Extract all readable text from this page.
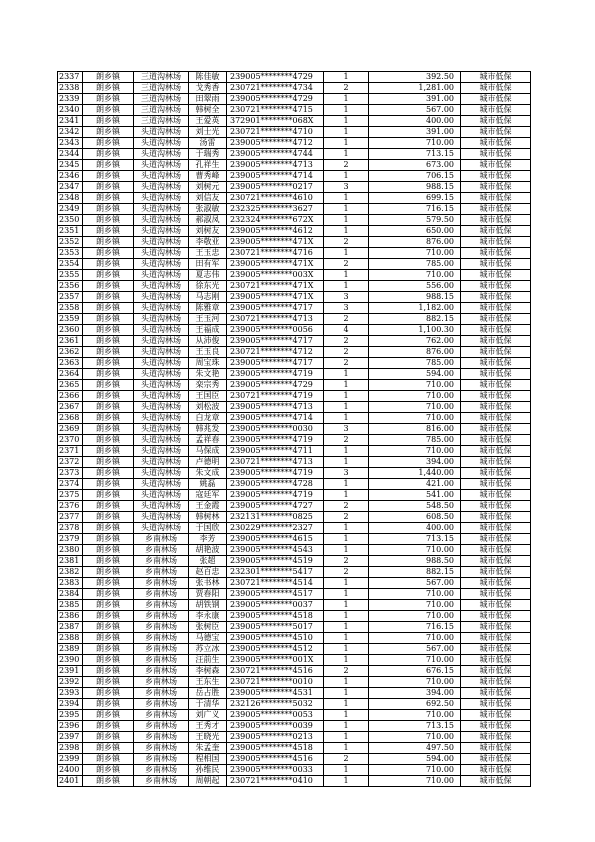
2337	朗乡镇	三道沟林场	陈佳敏	239005********4729	1	392.50	城市低保
2338	朗乡镇	三道沟林场	戈秀香	230721********4734	2	1,281.00	城市低保
2339	朗乡镇	三道沟林场	田翠雨	239005********4729	1	391.00	城市低保
2340	朗乡镇	三道沟林场	韩树全	230721********4715	1	567.00	城市低保
2341	朗乡镇	三道沟林场	王爱英	372901********068X	1	400.00	城市低保
2342	朗乡镇	头道沟林场	刘士光	230721********4710	1	391.00	城市低保
2343	朗乡镇	头道沟林场	汤雷	239005********4712	1	710.00	城市低保
2344	朗乡镇	头道沟林场	于瑞秀	239005********4744	1	713.15	城市低保
2345	朗乡镇	头道沟林场	孔祥生	239005********4713	2	673.00	城市低保
2346	朗乡镇	头道沟林场	曹秀峰	239005********4714	1	706.15	城市低保
2347	朗乡镇	头道沟林场	刘树元	239005********0217	3	988.15	城市低保
2348	朗乡镇	头道沟林场	刘信友	230721********4610	1	699.15	城市低保
2349	朗乡镇	头道沟林场	张淑敏	232325********3627	1	716.15	城市低保
2350	朗乡镇	头道沟林场	郝淑凤	232324********672X	1	579.50	城市低保
2351	朗乡镇	头道沟林场	刘树友	239005********4612	1	650.00	城市低保
2352	朗乡镇	头道沟林场	李敬亚	239005********471X	2	876.00	城市低保
2353	朗乡镇	头道沟林场	王玉忠	230721********4716	1	710.00	城市低保
2354	朗乡镇	头道沟林场	田有军	239005********471X	2	785.00	城市低保
2355	朗乡镇	头道沟林场	夏志伟	239005********003X	1	710.00	城市低保
2356	朗乡镇	头道沟林场	徐东光	230721********471X	1	556.00	城市低保
2357	朗乡镇	头道沟林场	马志刚	239005********471X	3	988.15	城市低保
2358	朗乡镇	头道沟林场	陈雅章	239005********4717	3	1,182.00	城市低保
2359	朗乡镇	头道沟林场	王玉河	230721********4713	2	882.15	城市低保
2360	朗乡镇	头道沟林场	王福成	239005********0056	4	1,100.30	城市低保
2361	朗乡镇	头道沟林场	从沛俊	239005********4717	2	762.00	城市低保
2362	朗乡镇	头道沟林场	王玉良	230721********4712	2	876.00	城市低保
2363	朗乡镇	头道沟林场	周宝珠	239005********4717	2	785.00	城市低保
2364	朗乡镇	头道沟林场	朱文艳	239005********4719	1	594.00	城市低保
2365	朗乡镇	头道沟林场	栾宗秀	239005********4729	1	710.00	城市低保
2366	朗乡镇	头道沟林场	王国臣	230721********4719	1	710.00	城市低保
2367	朗乡镇	头道沟林场	刘松波	239005********4713	1	710.00	城市低保
2368	朗乡镇	头道沟林场	白龙章	239005********4714	1	710.00	城市低保
2369	朗乡镇	头道沟林场	韩兆发	239005********0030	3	816.00	城市低保
2370	朗乡镇	头道沟林场	孟祥春	239005********4719	2	785.00	城市低保
2371	朗乡镇	头道沟林场	马保成	239005********4711	1	710.00	城市低保
2372	朗乡镇	头道沟林场	卢德明	230721********4713	1	394.00	城市低保
2373	朗乡镇	头道沟林场	朱文成	239005********4719	3	1,440.00	城市低保
2374	朗乡镇	头道沟林场	姚磊	239005********4728	1	421.00	城市低保
2375	朗乡镇	头道沟林场	寇廷军	239005********4719	1	541.00	城市低保
2376	朗乡镇	头道沟林场	王金霞	239005********4727	2	548.50	城市低保
2377	朗乡镇	头道沟林场	韩树林	232131********0825	2	608.50	城市低保
2378	朗乡镇	头道沟林场	于国欣	230229********2327	1	400.00	城市低保
2379	朗乡镇	乡南林场	李芳	239005********4615	1	713.15	城市低保
2380	朗乡镇	乡南林场	胡艳波	239005********4543	1	710.00	城市低保
2381	朗乡镇	乡南林场	张超	239005********4519	2	988.50	城市低保
2382	朗乡镇	乡南林场	赵百忠	232301********5417	2	882.15	城市低保
2383	朗乡镇	乡南林场	张书林	230721********4514	1	567.00	城市低保
2384	朗乡镇	乡南林场	贾春阳	239005********4517	1	710.00	城市低保
2385	朗乡镇	乡南林场	胡铁钢	239005********0037	1	710.00	城市低保
2386	朗乡镇	乡南林场	李永康	239005********4518	1	710.00	城市低保
2387	朗乡镇	乡南林场	张树臣	239005********5017	1	716.15	城市低保
2388	朗乡镇	乡南林场	马德宝	239005********4510	1	710.00	城市低保
2389	朗乡镇	乡南林场	苏立冰	239005********4512	1	567.00	城市低保
2390	朗乡镇	乡南林场	汪前生	239005********001X	1	710.00	城市低保
2391	朗乡镇	乡南林场	李树森	230721********4516	2	676.15	城市低保
2392	朗乡镇	乡南林场	王东生	230721********0010	1	710.00	城市低保
2393	朗乡镇	乡南林场	岳占胜	239005********4531	1	394.00	城市低保
2394	朗乡镇	乡南林场	于清华	232126********5032	1	692.50	城市低保
2395	朗乡镇	乡南林场	刘广义	239005********0053	1	710.00	城市低保
2396	朗乡镇	乡南林场	王秀才	239005********0039	1	713.15	城市低保
2397	朗乡镇	乡南林场	王晓光	239005********0213	1	710.00	城市低保
2398	朗乡镇	乡南林场	朱孟奎	239005********4518	1	497.50	城市低保
2399	朗乡镇	乡南林场	程相国	239005********4516	2	594.00	城市低保
2400	朗乡镇	乡南林场	孙维民	239005********0033	1	710.00	城市低保
2401	朗乡镇	乡南林场	周朝起	230721********0410	1	710.00	城市低保
